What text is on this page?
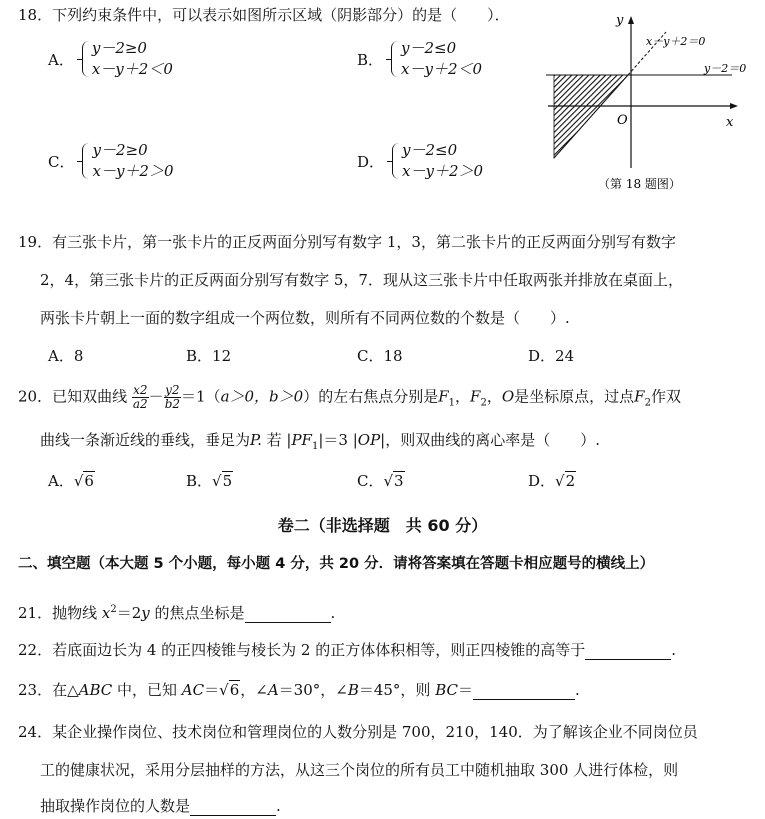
18．下列约束条件中，可以表示如图所示区域（阴影部分）的是（　　）．
A．
y－2≥0
x－y＋2＜0
B．
y－2≤0
x－y＋2＜0
C．
y－2≥0
x－y＋2＞0
D．
y－2≤0
x－y＋2＞0
y
x
O
x－y＋2＝0
y－2＝0
（第 18 题图）
19．有三张卡片，第一张卡片的正反两面分别写有数字 1，3，第二张卡片的正反两面分别写有数字
2，4，第三张卡片的正反两面分别写有数字 5，7．现从这三张卡片中任取两张并排放在桌面上，
两张卡片朝上一面的数字组成一个两位数，则所有不同两位数的个数是（　　）.
A．8	B．12	C．18	D．24
20．已知双曲线 $\frac{x2}{a2} - \frac{y2}{b2} =1(a>0$，b＞0）的左右焦点分别是$F_1$，$F_2$，O是坐标原点，过点$F_2$作双
曲线一条渐近线的垂线，垂足为P. 若 $|PF_1|=3$ |OP|，则双曲线的离心率是（　　）.
A．√6	B．√5	C．√3	D．√2
卷二（非选择题　共 60 分）
二、填空题（本大题 5 个小题，每小题 4 分，共 20 分．请将答案填在答题卡相应题号的横线上）
21．抛物线 $x^2=2y$ 的焦点坐标是	.
22．若底面边长为 4 的正四棱锥与棱长为 2 的正方体体积相等，则正四棱锥的高等于	.
23．在△ABC 中，已知 AC＝√6，∠A＝30°，∠B＝45°，则 BC＝	.
24．某企业操作岗位、技术岗位和管理岗位的人数分别是 700，210，140．为了解该企业不同岗位员
工的健康状况，采用分层抽样的方法，从这三个岗位的所有员工中随机抽取 300 人进行体检，则
抽取操作岗位的人数是	.
